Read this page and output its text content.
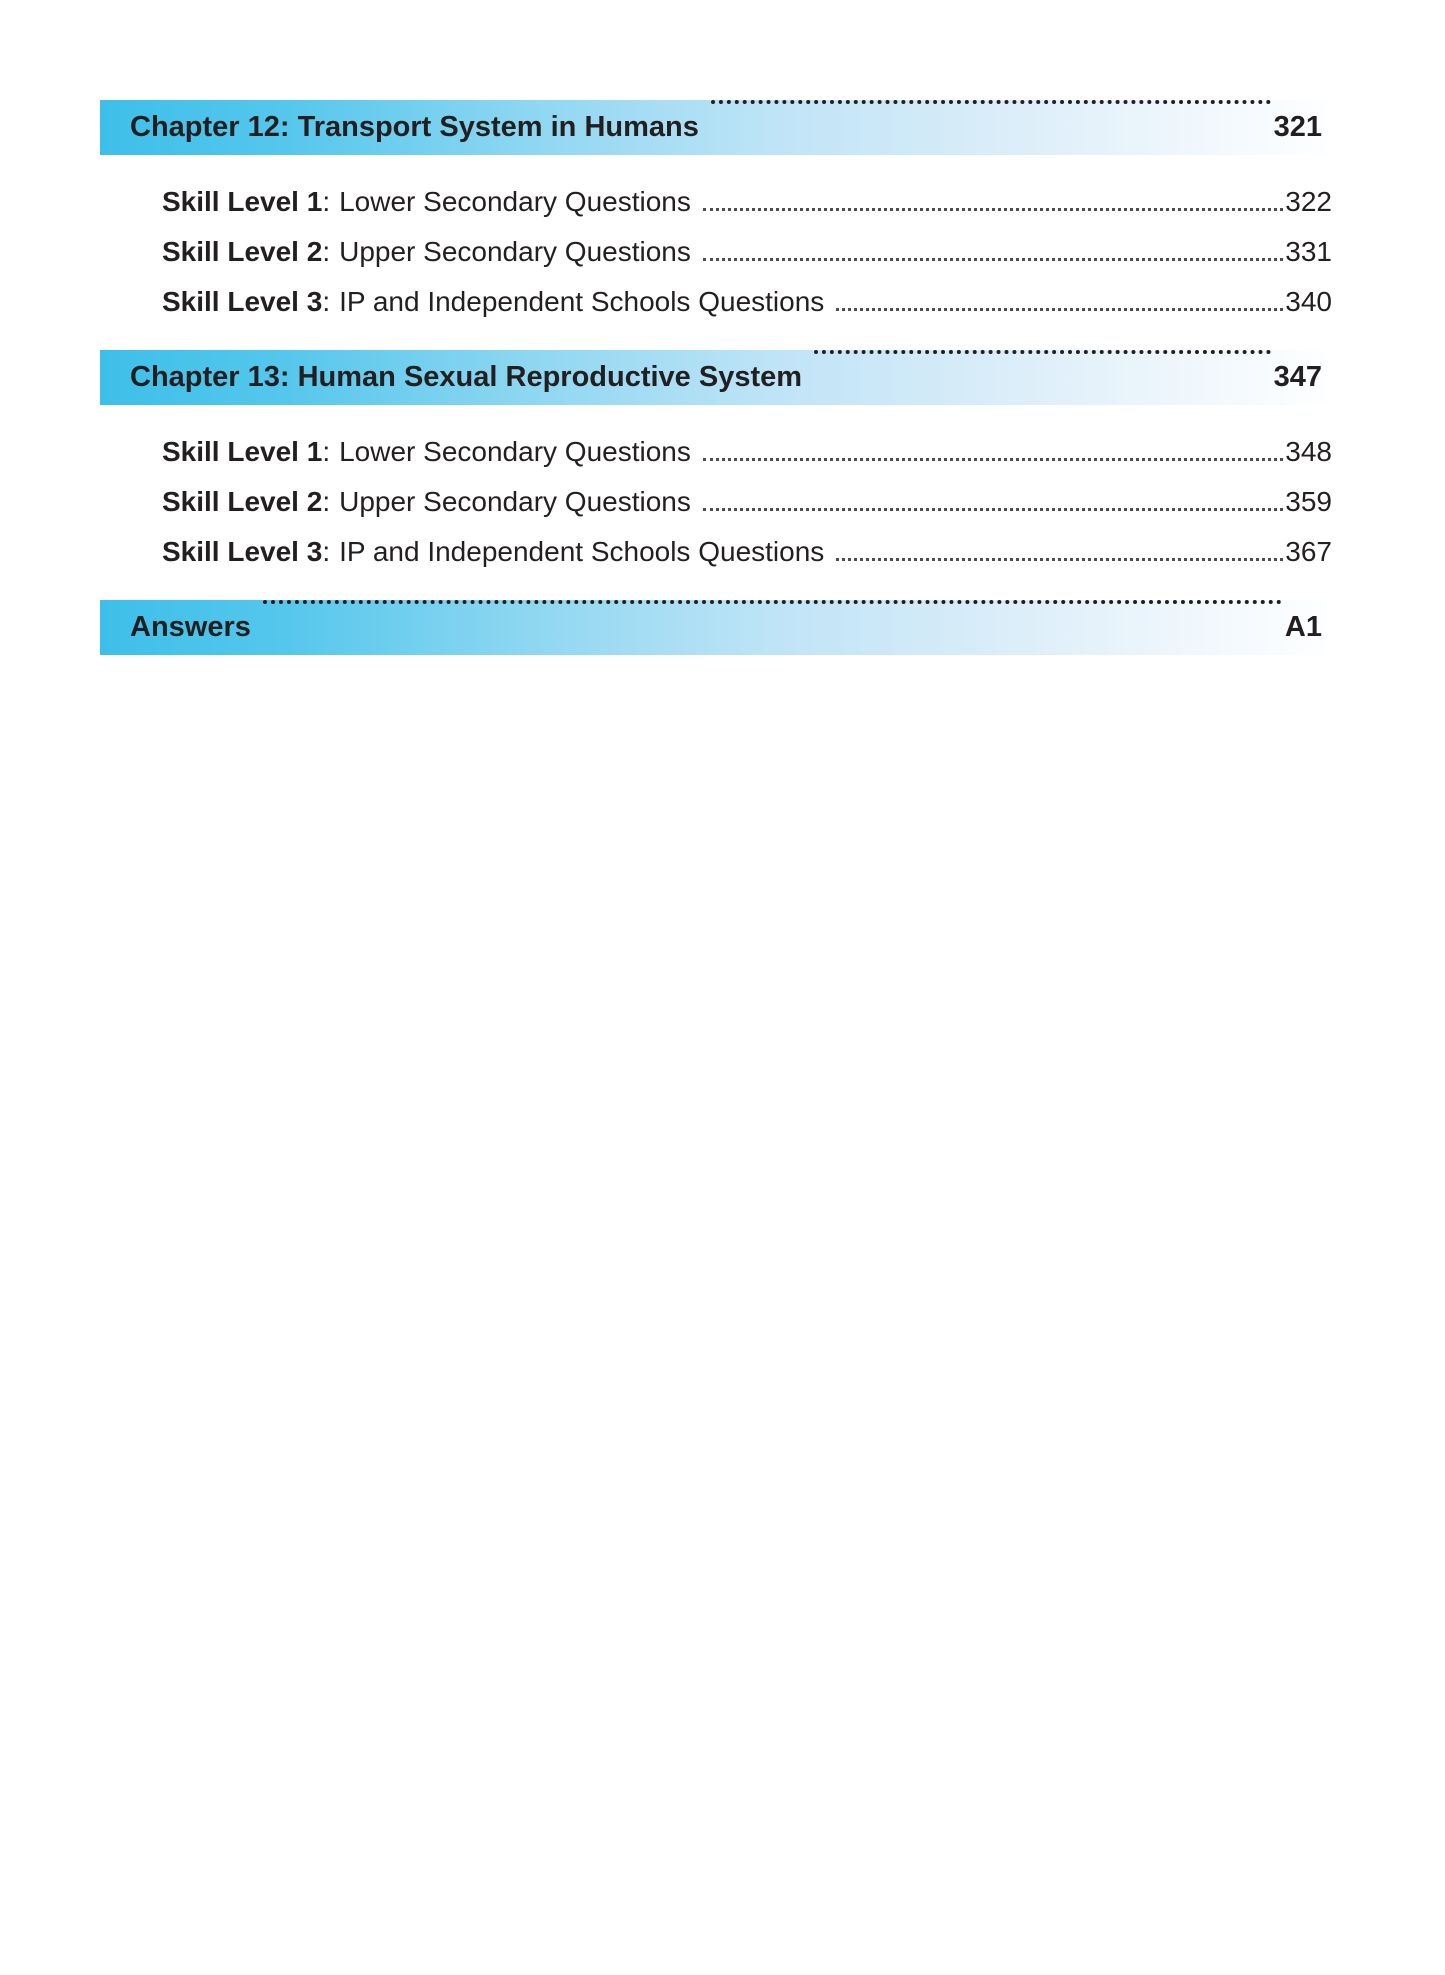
Chapter 12: Transport System in Humans	321
Skill Level 1 : Lower Secondary Questions	322
Skill Level 2 : Upper Secondary Questions	331
Skill Level 3 : IP and Independent Schools Questions	340
Chapter 13: Human Sexual Reproductive System	347
Skill Level 1 : Lower Secondary Questions	348
Skill Level 2 : Upper Secondary Questions	359
Skill Level 3 : IP and Independent Schools Questions	367
Answers	A1
